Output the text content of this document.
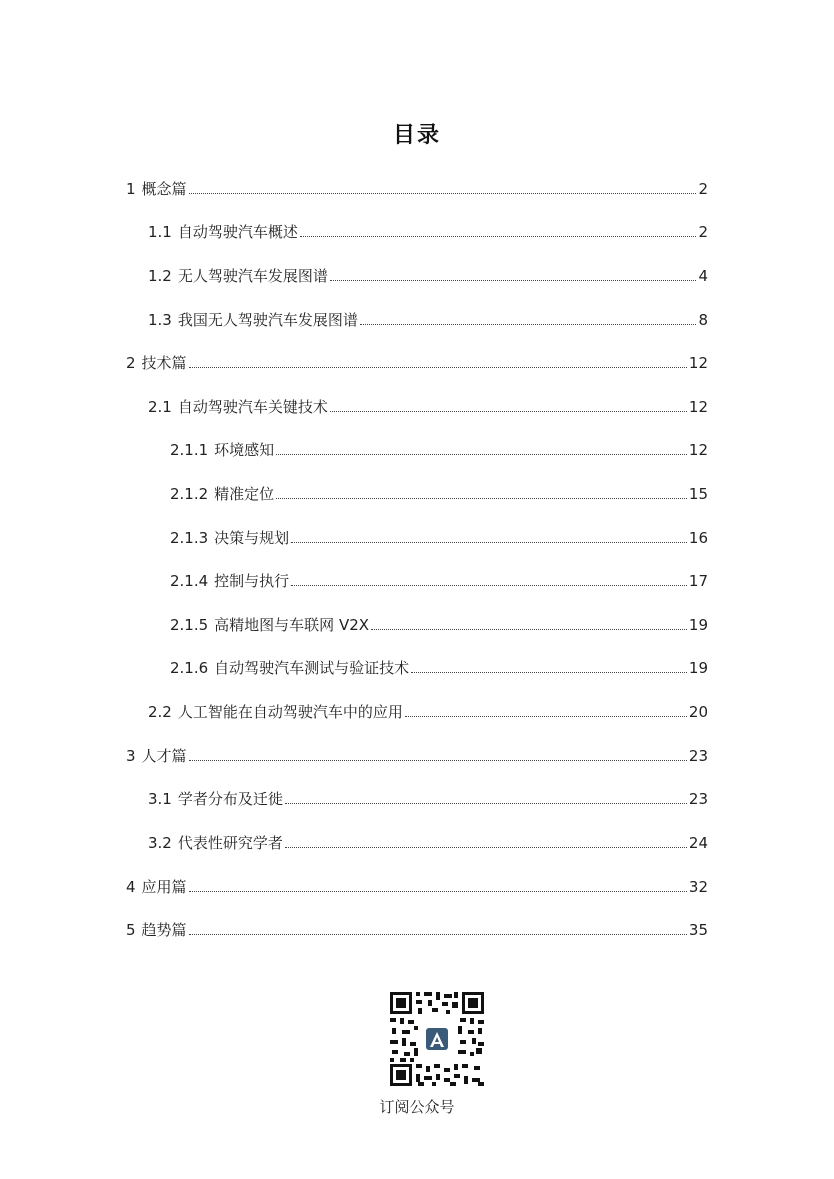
目录
1 概念篇	2
1.1 自动驾驶汽车概述	2
1.2 无人驾驶汽车发展图谱	4
1.3 我国无人驾驶汽车发展图谱	8
2 技术篇	12
2.1 自动驾驶汽车关键技术	12
2.1.1 环境感知	12
2.1.2 精准定位	15
2.1.3 决策与规划	16
2.1.4 控制与执行	17
2.1.5 高精地图与车联网 V2X	19
2.1.6 自动驾驶汽车测试与验证技术	19
2.2 人工智能在自动驾驶汽车中的应用	20
3 人才篇	23
3.1 学者分布及迁徙	23
3.2 代表性研究学者	24
4 应用篇	32
5 趋势篇	35
订阅公众号
